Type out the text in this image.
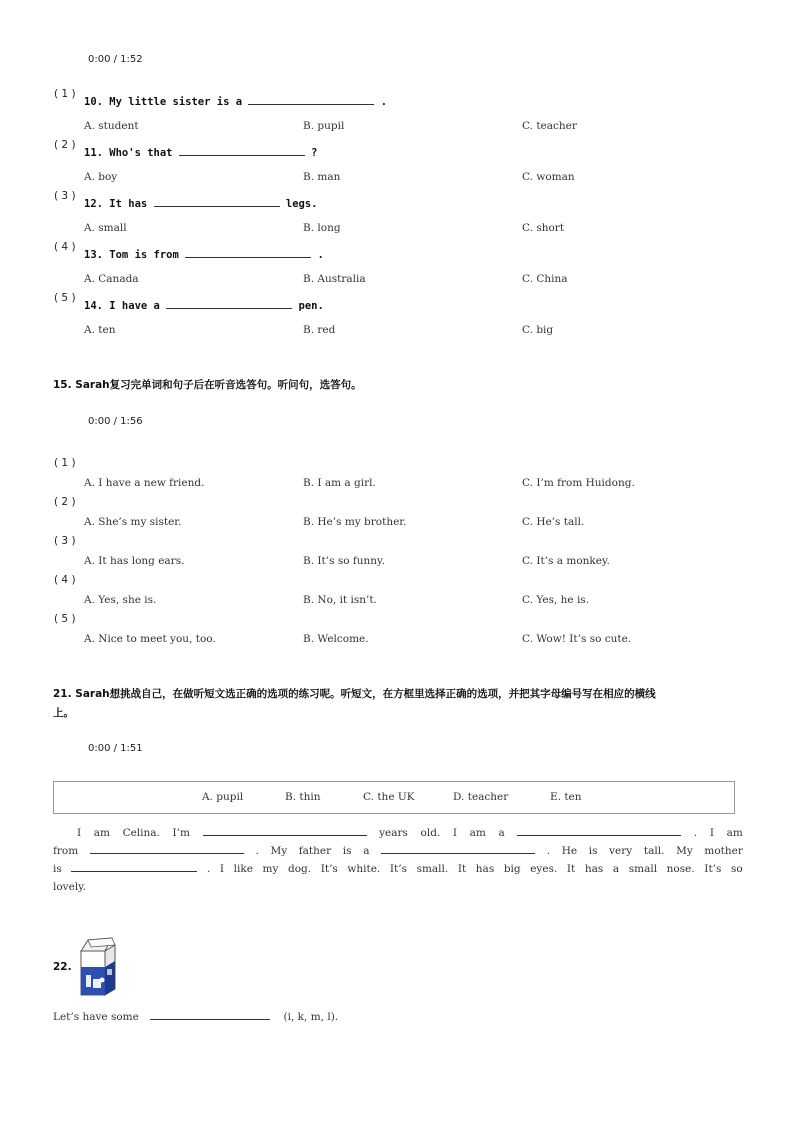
0:00 / 1:52
( 1 )
10. My little sister is a	.
A. student	B. pupil	C. teacher
( 2 )
11. Who's that	?
A. boy	B. man	C. woman
( 3 )
12. It has	legs.
A. small	B. long	C. short
( 4 )
13. Tom is from	.
A. Canada	B. Australia	C. China
( 5 )
14. I have a	pen.
A. ten	B. red	C. big
15. Sarah复习完单词和句子后在听音选答句。听问句，选答句。
0:00 / 1:56
( 1 )
A. I have a new friend.	B. I am a girl.	C. I’m from Huidong.
( 2 )
A. She’s my sister.	B. He’s my brother.	C. He’s tall.
( 3 )
A. It has long ears.	B. It’s so funny.	C. It’s a monkey.
( 4 )
A. Yes, she is.	B. No, it isn’t.	C. Yes, he is.
( 5 )
A. Nice to meet you, too.	B. Welcome.	C. Wow! It’s so cute.
21. Sarah想挑战自己，在做听短文选正确的选项的练习呢。听短文，在方框里选择正确的选项，并把其字母编号写在相应的横线
上。
0:00 / 1:51
A. pupil	B. thin	C. the UK	D. teacher	E. ten
I am Celina. I’m	years old. I am a	. I am
from	. My father is a	. He is very tall. My mother
is	. I like my dog. It’s white. It’s small. It has big eyes. It has a small nose. It’s so
lovely.
22.
Let’s have some	(i, k, m, l).
